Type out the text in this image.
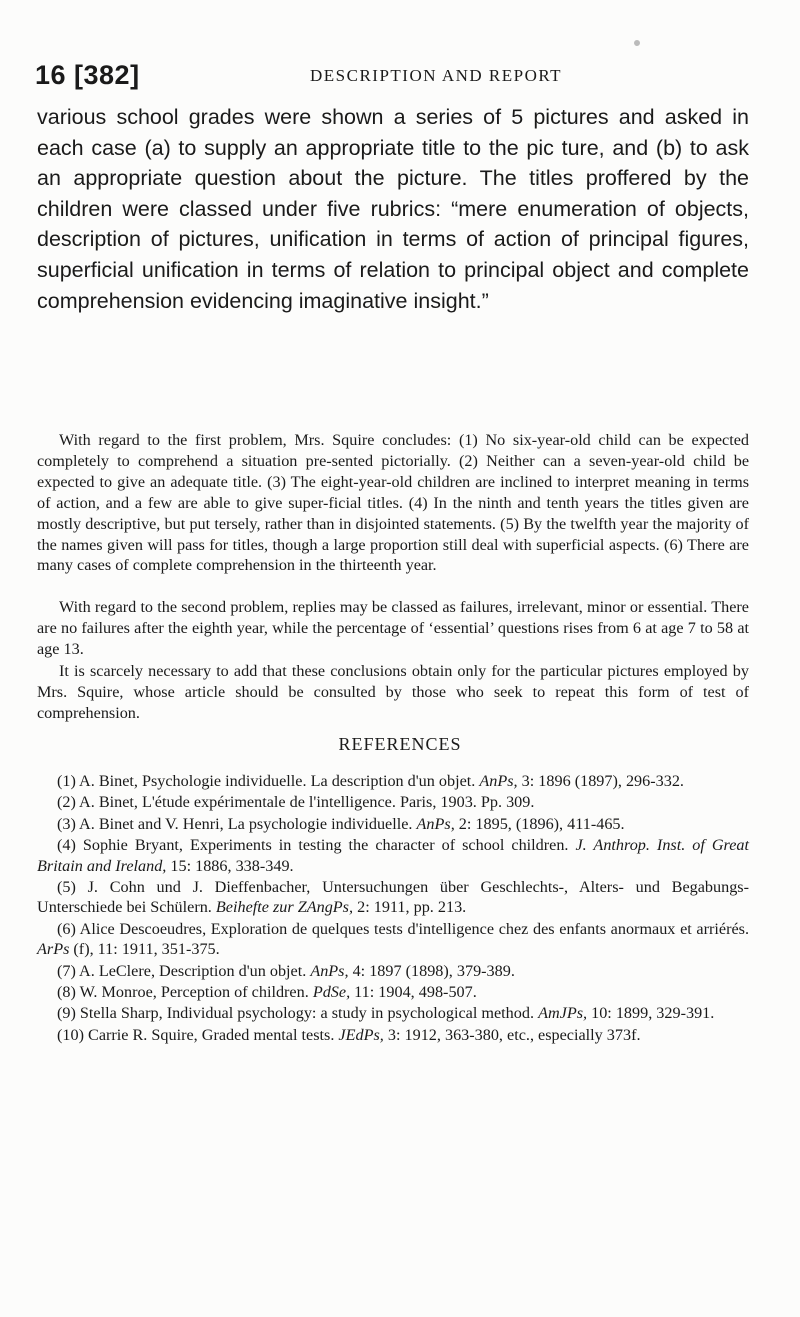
16 [382]	DESCRIPTION AND REPORT

various school grades were shown a series of 5 pictures and asked in each case (a) to supply an appropriate title to the pic ture, and (b) to ask an appropriate question about the picture. The titles proffered by the children were classed under five rubrics: “mere enumeration of objects, description of pictures, unification in terms of action of principal figures, superficial unification in terms of relation to principal object and complete comprehension evidencing imaginative insight.”

With regard to the first problem, Mrs. Squire concludes: (1) No six-year-old child can be expected completely to comprehend a situation pre-sented pictorially. (2) Neither can a seven-year-old child be expected to give an adequate title. (3) The eight-year-old children are inclined to interpret meaning in terms of action, and a few are able to give super-ficial titles. (4) In the ninth and tenth years the titles given are mostly descriptive, but put tersely, rather than in disjointed statements. (5) By the twelfth year the majority of the names given will pass for titles, though a large proportion still deal with superficial aspects. (6) There are many cases of complete comprehension in the thirteenth year.

With regard to the second problem, replies may be classed as failures, irrelevant, minor or essential. There are no failures after the eighth year, while the percentage of ‘essential’ questions rises from 6 at age 7 to 58 at age 13.

It is scarcely necessary to add that these conclusions obtain only for the particular pictures employed by Mrs. Squire, whose article should be consulted by those who seek to repeat this form of test of comprehension.

REFERENCES

(1) A. Binet, Psychologie individuelle. La description d'un objet. AnPs, 3: 1896 (1897), 296-332.

(2) A. Binet, L'étude expérimentale de l'intelligence. Paris, 1903. Pp. 309.

(3) A. Binet and V. Henri, La psychologie individuelle. AnPs, 2: 1895, (1896), 411-465.

(4) Sophie Bryant, Experiments in testing the character of school children. J. Anthrop. Inst. of Great Britain and Ireland, 15: 1886, 338-349.

(5) J. Cohn und J. Dieffenbacher, Untersuchungen über Geschlechts-, Alters- und Begabungs-Unterschiede bei Schülern. Beihefte zur ZAngPs, 2: 1911, pp. 213.

(6) Alice Descoeudres, Exploration de quelques tests d'intelligence chez des enfants anormaux et arriérés. ArPs (f), 11: 1911, 351-375.

(7) A. LeClere, Description d'un objet. AnPs, 4: 1897 (1898), 379-389.

(8) W. Monroe, Perception of children. PdSe, 11: 1904, 498-507.

(9) Stella Sharp, Individual psychology: a study in psychological method. AmJPs, 10: 1899, 329-391.

(10) Carrie R. Squire, Graded mental tests. JEdPs, 3: 1912, 363-380, etc., especially 373f.
